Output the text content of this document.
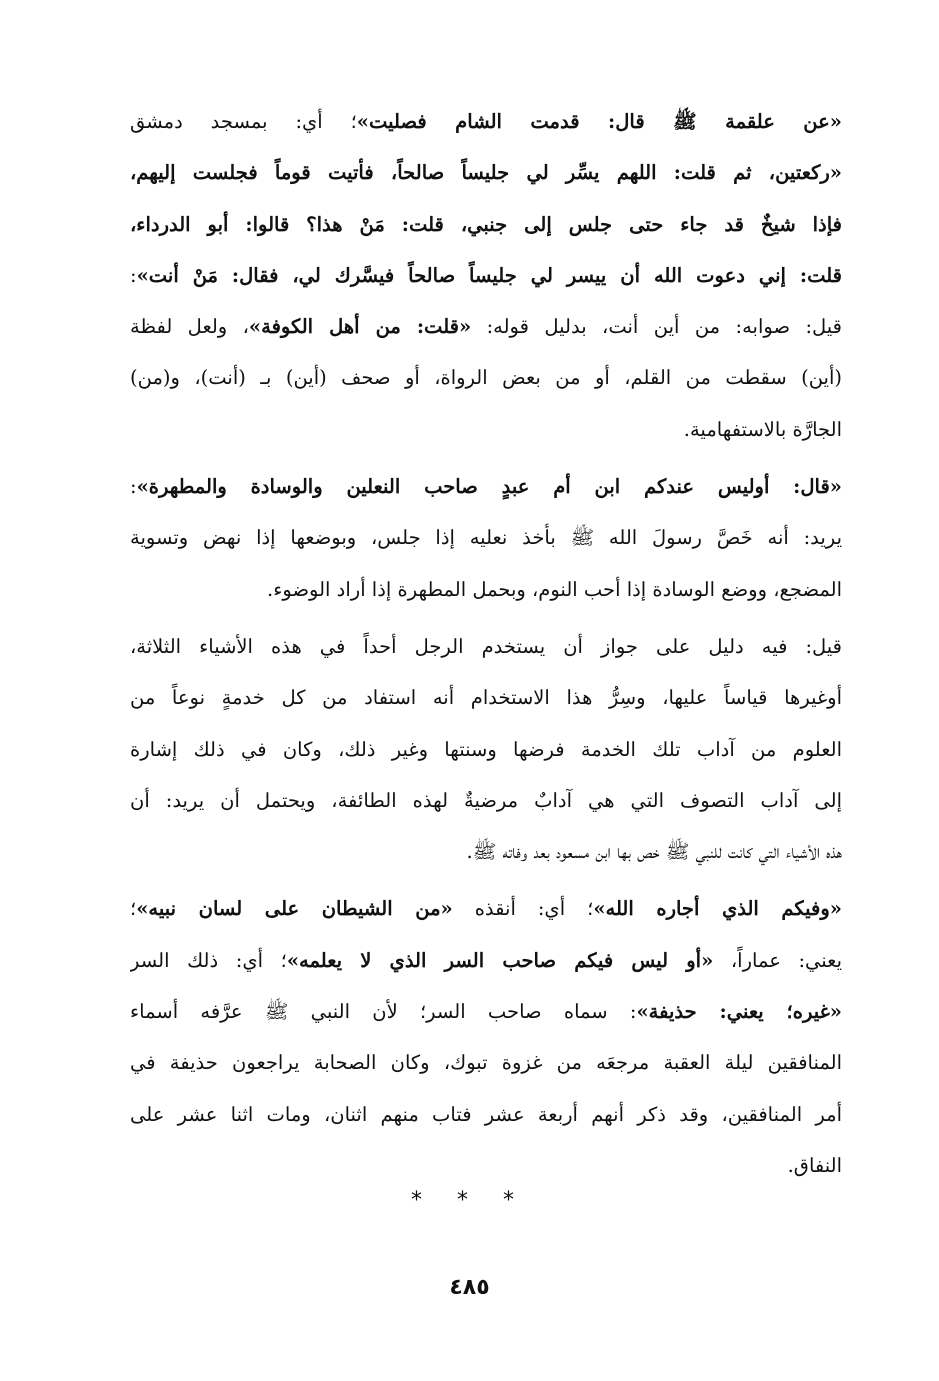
«عن علقمة ﷺ قال: قدمت الشام فصليت»؛ أي: بمسجد دمشق
«ركعتين، ثم قلت: اللهم يسِّر لي جليساً صالحاً، فأتيت قوماً فجلست إليهم،
فإذا شيخٌ قد جاء حتى جلس إلى جنبي، قلت: مَنْ هذا؟ قالوا: أبو الدرداء،
قلت: إني دعوت الله أن ييسر لي جليساً صالحاً فيسَّرك لي، فقال: مَنْ أنت»:
قيل: صوابه: من أين أنت، بدليل قوله: «قلت: من أهل الكوفة»، ولعل لفظة
(أين) سقطت من القلم، أو من بعض الرواة، أو صحف (أين) بـ (أنت)، و(من)
الجارَّة بالاستفهامية.
«قال: أوليس عندكم ابن أم عبدٍ صاحب النعلين والوسادة والمطهرة»:
يريد: أنه خَصَّ رسولَ الله ﷺ بأخذ نعليه إذا جلس، وبوضعها إذا نهض وتسوية
المضجع، ووضع الوسادة إذا أحب النوم، وبحمل المطهرة إذا أراد الوضوء.
قيل: فيه دليل على جواز أن يستخدم الرجل أحداً في هذه الأشياء الثلاثة،
أوغيرها قياساً عليها، وسِرُّ هذا الاستخدام أنه استفاد من كل خدمةٍ نوعاً من
العلوم من آداب تلك الخدمة فرضها وسنتها وغير ذلك، وكان في ذلك إشارة
إلى آداب التصوف التي هي آدابٌ مرضيةٌ لهذه الطائفة، ويحتمل أن يريد: أن
هذه الأشياء التي كانت للنبي ﷺ خص بها ابن مسعود بعد وفاته ﷺ.
«وفيكم الذي أجاره الله»؛ أي: أنقذه «من الشيطان على لسان نبيه»؛
يعني: عماراً، «أو ليس فيكم صاحب السر الذي لا يعلمه»؛ أي: ذلك السر
«غيره؛ يعني: حذيفة»: سماه صاحب السر؛ لأن النبي ﷺ عرَّفه أسماء
المنافقين ليلة العقبة مرجعَه من غزوة تبوك، وكان الصحابة يراجعون حذيفة في
أمر المنافقين، وقد ذكر أنهم أربعة عشر فتاب منهم اثنان، ومات اثنا عشر على
النفاق.
* * *
٤٨٥
